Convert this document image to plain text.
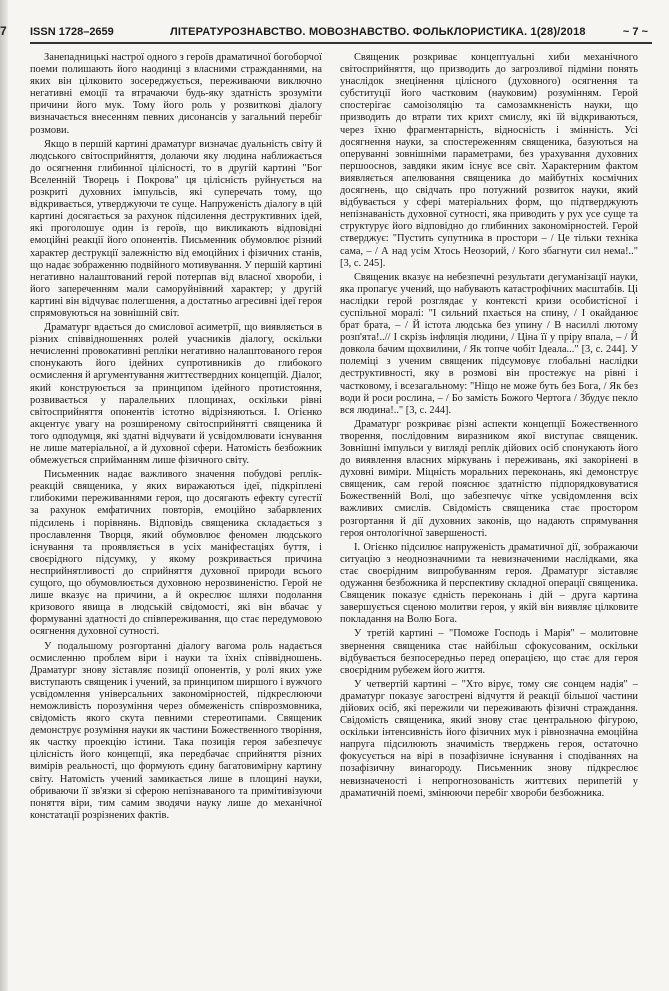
7 ISSN 1728–2659	ЛІТЕРАТУРОЗНАВСТВО. МОВОЗНАВСТВО. ФОЛЬКЛОРИСТИКА. 1(28)/2018	~ 7 ~

Занепадницькі настрої одного з героїв драматичної богоборчої поеми полишають його наодинці з власними стражданнями, на яких він цілковито зосереджується, переживаючи виключно негативні емоції та втрачаючи будь-яку здатність зрозуміти причини його мук. Тому його роль у розвиткові діалогу визначається внесенням певних дисонансів у загальний перебіг розмови.

Якщо в першій картині драматург визначає дуальність світу й людського світосприйняття, долаючи яку людина наближається до осягнення глибинної цілісності, то в другій картині "Бог Вселенній Творець і Покрова" ця цілісність руйнується на розкриті духовних імпульсів, які суперечать тому, що відкривається, утверджуючи те суще. Напруженість діалогу в цій картині досягається за рахунок підсилення деструктивних ідей, які проголошує один із героїв, що викликають відповідні емоційні реакції його опонентів. Письменник обумовлює різний характер деструкції залежністю від емоційних і фізичних станів, що надає зображенню подвійного мотивування. У першій картині негативно налаштований герой потерпав від власної хвороби, і його запереченням мали саморуйнівний характер; у другій картині він відчуває полегшення, а достатньо агресивні ідеї героя спрямовуються на зовнішній світ.

Драматург вдається до смислової асиметрії, що виявляється в різних співвідношеннях ролей учасників діалогу, оскільки нечисленні провокативні репліки негативно налаштованого героя спонукають його ідейних супротивників до глибокого осмислення й аргументування життєствердних концепцій. Діалог, який конструюється за принципом ідейного протистояння, розвивається у паралельних площинах, оскільки рівні світосприйняття опонентів істотно відрізняються. І. Огієнко акцентує увагу на розширеному світосприйнятті священика й того одподумця, які здатні відчувати й усвідомлювати існування не лише матеріальної, а й духовної сфери. Натомість безбожник обмежується сприйманням лише фізичного світу.

Письменник надає важливого значення побудові реплік-реакцій священика, у яких виражаються ідеї, підкріплені глибокими переживаннями героя, що досягають ефекту сугестії за рахунок емфатичних повторів, емоційно забарвлених підсилень і порівнянь. Відповідь священика складається з прославлення Творця, який обумовлює феномен людського існування та проявляється в усіх маніфестаціях буття, і своєрідного підсумку, у якому розкривається причина несприйнятливості до сприйняття духовної природи всього сущого, що обумовлюється духовною нерозвиненістю. Герой не лише вказує на причини, а й окреслює шляхи подолання кризового явища в людській свідомості, які він вбачає у формуванні здатності до співпереживання, що стає передумовою осягнення духовної сутності.

У подальшому розгортанні діалогу вагома роль надається осмисленню проблем віри і науки та їхніх співвідношень. Драматург знову зіставляє позиції опонентів, у ролі яких уже виступають священик і учений, за принципом ширшого і вужчого усвідомлення універсальних закономірностей, підкреслюючи неможливість порозуміння через обмеженість співрозмовника, свідомість якого скута певними стереотипами. Священик демонструє розуміння науки як частини Божественного творіння, як частку проекцію істини. Така позиція героя забезпечує цілісність його концепції, яка передбачає сприйняття різних вимірів реальності, що формують єдину багатовимірну картину світу. Натомість учений замикається лише в площині науки, обриваючи її зв'язки зі сферою непізнаваного та примітивізуючи поняття віри, тим самим зводячи науку лише до механічної констатації розрізнених фактів.

Священик розкриває концептуальні хиби механічного світосприйняття, що призводить до загрозливої підміни понять унаслідок знецінення цілісного (духовного) осягнення та субституції його частковим (науковим) розумінням. Герой спостерігає самоізоляцію та самозамкненість науки, що призводить до втрати тих крихт смислу, які їй відкриваються, через їхню фрагментарність, відносність і змінність. Усі досягнення науки, за спостереженням священика, базуються на оперуванні зовнішніми параметрами, без урахування духовних першооснов, завдяки яким існує все світ. Характерним фактом виявляється апелювання священика до майбутніх космічних досягнень, що свідчать про потужний розвиток науки, який відбувається у сфері матеріальних форм, що підтверджують непізнаваність духовної сутності, яка приводить у рух усе суще та структурує його відповідно до глибинних закономірностей. Герой стверджує: "Пустить супутника в простори – / Це тільки техніка сама, – / А над усім Хтось Неозорий, / Кого збагнути сил нема!.." [3, с. 245].

Священик вказує на небезпечні результати дегуманізації науки, яка пропагує учений, що набувають катастрофічних масштабів. Ці наслідки герой розглядає у контексті кризи особистісної і суспільної моралі: "І сильний пхається на спину, / І окайданює брат брата, – / Й істота людська без упину / В насиллі лютому розп'ята!..// І скрізь інфляція людини, / Ціна її у пріру впала, – / Й довкола бачим щохвилини, / Як топче чобіт Ідеала..." [3, с. 244]. У полеміці з ученим священик підсумовує глобальні наслідки деструктивності, яку в розмові він простежує на рівні і частковому, і всезагальному: "Ніщо не може буть без Бога, / Як без води й роси рослина, – / Бо замість Божого Чертога / Збудує пекло вся людина!.." [3, с. 244].

Драматург розкриває різні аспекти концепції Божественного творення, послідовним виразником якої виступає священик. Зовнішні імпульси у вигляді реплік дійових осіб спонукають його до виявлення власних міркувань і переживань, які закорінені в духовні виміри. Міцність моральних переконань, які демонструє священик, сам герой пояснює здатністю підпорядковуватися Божественній Волі, що забезпечує чітке усвідомлення всіх важливих смислів. Свідомість священика стає простором розгортання й дії духовних законів, що надають спрямування героя онтологічної завершеності.

І. Огієнко підсилює напруженість драматичної дії, зображаючи ситуацію з неоднозначними та невизначеними наслідками, яка стає своєрідним випробуванням героя. Драматург зіставляє одужання безбожника й перспективу складної операції священика. Священик показує єдність переконань і дій – друга картина завершується сценою молитви героя, у якій він виявляє цілковите покладання на Волю Бога.

У третій картині – "Поможе Господь і Марія" – молитовне звернення священика стає найбільш сфокусованим, оскільки відбувається безпосередньо перед операцією, що стає для героя своєрідним рубежем його життя.

У четвертій картині – "Хто вірує, тому сяє сонцем надія" – драматург показує загострені відчуття й реакції більшої частини дійових осіб, які пережили чи переживають фізичні страждання. Свідомість священика, який знову стає центральною фігурою, оскільки інтенсивність його фізичних мук і рівнозначна емоційна напруга підсилюють значимість тверджень героя, остаточно фокусується на вірі в позафізичне існування і сподіваннях на позафізичну винагороду. Письменник знову підкреслює невизначеності і непрогнозованість життєвих перипетій у драматичній поемі, змінюючи перебіг хвороби безбожника.
